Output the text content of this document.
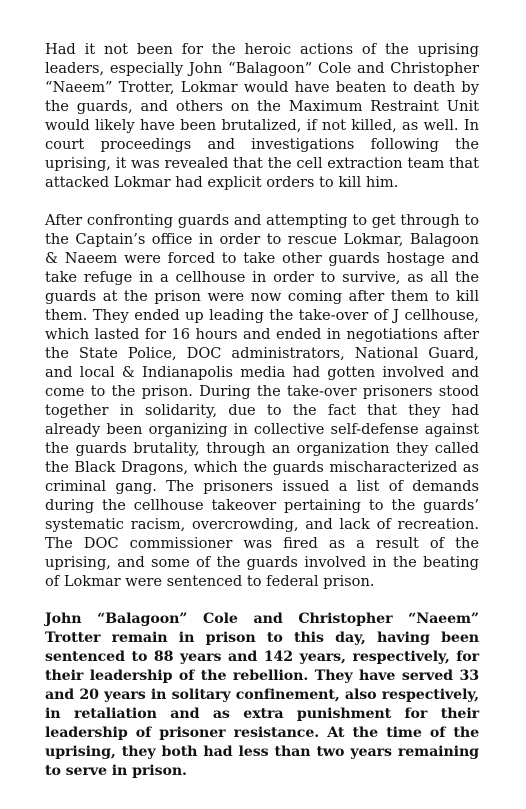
Had it not been for the heroic actions of the uprising leaders, especially John “Balagoon” Cole and Christopher “Naeem” Trotter, Lokmar would have beaten to death by the guards, and others on the Maximum Restraint Unit would likely have been brutalized, if not killed, as well. In court proceedings and investigations following the uprising, it was revealed that the cell extraction team that attacked Lokmar had explicit orders to kill him.

After confronting guards and attempting to get through to the Captain’s office in order to rescue Lokmar, Balagoon & Naeem were forced to take other guards hostage and take refuge in a cellhouse in order to survive, as all the guards at the prison were now coming after them to kill them. They ended up leading the take-over of J cellhouse, which lasted for 16 hours and ended in negotiations after the State Police, DOC administrators, National Guard, and local & Indianapolis media had gotten involved and come to the prison. During the take-over prisoners stood together in solidarity, due to the fact that they had already been organizing in collective self-defense against the guards brutality, through an organization they called the Black Dragons, which the guards mischaracterized as criminal gang. The prisoners issued a list of demands during the cellhouse takeover pertaining to the guards’ systematic racism, overcrowding, and lack of recreation. The DOC commissioner was fired as a result of the uprising, and some of the guards involved in the beating of Lokmar were sentenced to federal prison.

John “Balagoon” Cole and Christopher “Naeem” Trotter remain in prison to this day, having been sentenced to 88 years and 142 years, respectively, for their leadership of the rebellion. They have served 33 and 20 years in solitary confinement, also respectively, in retaliation and as extra punishment for their leadership of prisoner resistance. At the time of the uprising, they both had less than two years remaining to serve in prison.
